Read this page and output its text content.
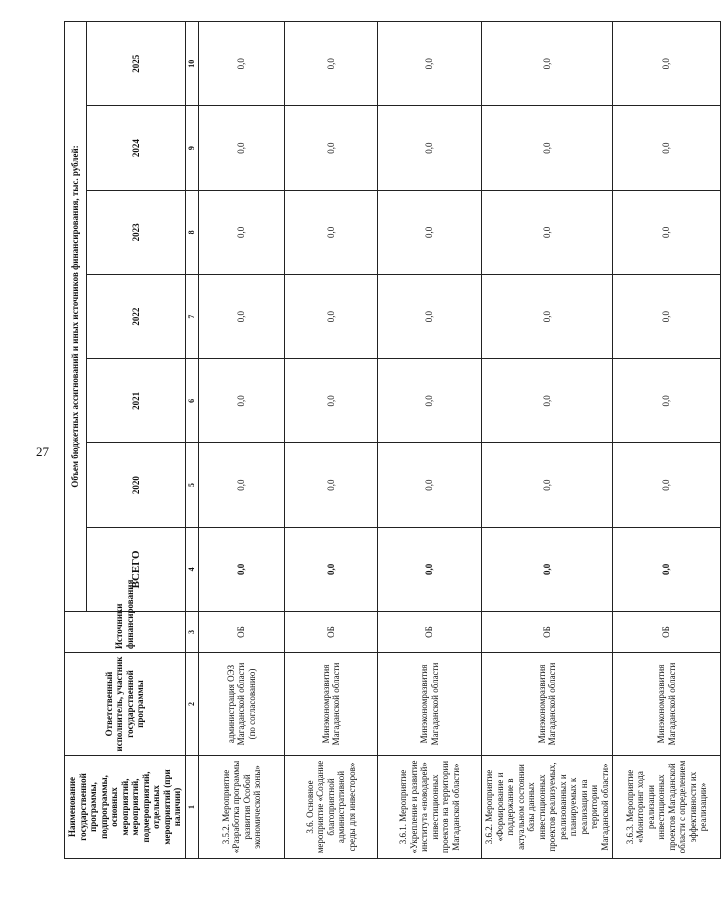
27
Наименование государственной программы, подпрограммы, основных мероприятий, мероприятий, подмероприятий, отдельных мероприятий (при наличии)	Ответственный исполнитель, участник государственной программы	Источники финансирования	Объем бюджетных ассигнований и иных источников финансирования, тыс. рублей:						
			ВСЕГО	2020	2021	2022	2023	2024	2025
1	2	3	4	5	6	7	8	9	10
3.5.2. Мероприятие «Разработка программы развития Особой экономической зоны»	администрация ОЭЗ Магаданской области (по согласованию)	ОБ	0,0	0,0	0,0	0,0	0,0	0,0	0,0
3.6. Основное мероприятие «Создание благоприятной административной среды для инвесторов»	Минэкономразвития Магаданской области	ОБ	0,0	0,0	0,0	0,0	0,0	0,0	0,0
3.6.1. Мероприятие «Укрепление и развитие института «новодарей» инвестиционных проектов на территории Магаданской области»	Минэкономразвития Магаданской области	ОБ	0,0	0,0	0,0	0,0	0,0	0,0	0,0
3.6.2. Мероприятие «Формирование и поддержание в актуальном состоянии базы данных инвестиционных проектов реализуемых, реализованных и планируемых к реализации на территории Магаданской области»	Минэкономразвития Магаданской области	ОБ	0,0	0,0	0,0	0,0	0,0	0,0	0,0
3.6.3. Мероприятие «Мониторинг хода реализации инвестиционных проектов Магаданской области с определением эффективности их реализации»	Минэкономразвития Магаданской области	ОБ	0,0	0,0	0,0	0,0	0,0	0,0	0,0
